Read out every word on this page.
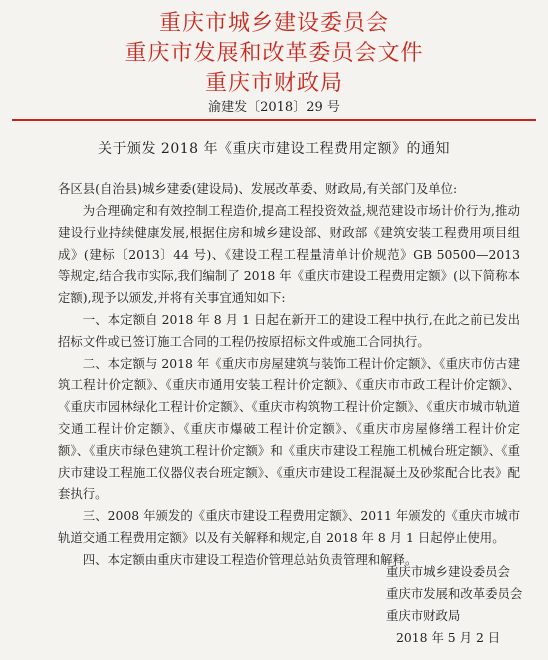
重庆市城乡建设委员会
重庆市发展和改革委员会文件
重庆市财政局
渝建发〔2018〕29 号
关于颁发 2018 年《重庆市建设工程费用定额》的通知
各区县(自治县)城乡建委(建设局)、发展改革委、财政局,有关部门及单位:

为合理确定和有效控制工程造价,提高工程投资效益,规范建设市场计价行为,推动建设行业持续健康发展,根据住房和城乡建设部、财政部《建筑安装工程费用项目组成》(建标〔2013〕44 号)、《建设工程工程量清单计价规范》GB 50500—2013 等规定,结合我市实际,我们编制了 2018 年《重庆市建设工程费用定额》(以下简称本定额),现予以颁发,并将有关事宜通知如下:

一、本定额自 2018 年 8 月 1 日起在新开工的建设工程中执行,在此之前已发出招标文件或已签订施工合同的工程仍按原招标文件或施工合同执行。

二、本定额与 2018 年《重庆市房屋建筑与装饰工程计价定额》、《重庆市仿古建筑工程计价定额》、《重庆市通用安装工程计价定额》、《重庆市市政工程计价定额》、《重庆市园林绿化工程计价定额》、《重庆市构筑物工程计价定额》、《重庆市城市轨道交通工程计价定额》、《重庆市爆破工程计价定额》、《重庆市房屋修缮工程计价定额》、《重庆市绿色建筑工程计价定额》和《重庆市建设工程施工机械台班定额》、《重庆市建设工程施工仪器仪表台班定额》、《重庆市建设工程混凝土及砂浆配合比表》配套执行。

三、2008 年颁发的《重庆市建设工程费用定额》、2011 年颁发的《重庆市城市轨道交通工程费用定额》以及有关解释和规定,自 2018 年 8 月 1 日起停止使用。

四、本定额由重庆市建设工程造价管理总站负责管理和解释。

重庆市城乡建设委员会
重庆市发展和改革委员会
重庆市财政局
2018 年 5 月 2 日
